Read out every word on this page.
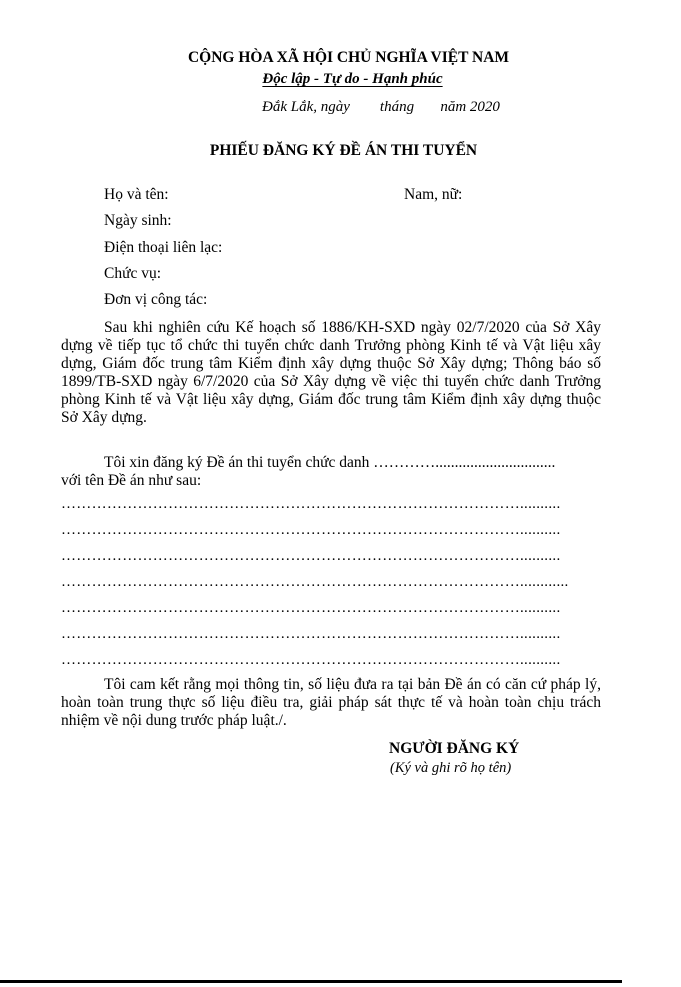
CỘNG HÒA XÃ HỘI CHỦ NGHĨA VIỆT NAM
Độc lập - Tự do - Hạnh phúc
Đắk Lắk, ngày        tháng       năm 2020
PHIẾU ĐĂNG KÝ ĐỀ ÁN THI TUYỂN
Họ và tên:	Nam, nữ:
Ngày sinh:
Điện thoại liên lạc:
Chức vụ:
Đơn vị công tác:
Sau khi nghiên cứu Kế hoạch số 1886/KH-SXD ngày 02/7/2020 của Sở Xây dựng về tiếp tục tổ chức thi tuyển chức danh Trưởng phòng Kinh tế và Vật liệu xây dựng, Giám đốc trung tâm Kiểm định xây dựng thuộc Sở Xây dựng; Thông báo số 1899/TB-SXD ngày 6/7/2020 của Sở Xây dựng về việc thi tuyển chức danh Trưởng phòng Kinh tế và Vật liệu xây dựng, Giám đốc trung tâm Kiểm định xây dựng thuộc Sở Xây dựng.
Tôi xin đăng ký Đề án thi tuyển chức danh …………...............................
với tên Đề án như sau:
………………………………………………………………………………..........
………………………………………………………………………………..........
………………………………………………………………………………..........
………………………………………………………………………………............
………………………………………………………………………………..........
………………………………………………………………………………..........
………………………………………………………………………………..........
Tôi cam kết rằng mọi thông tin, số liệu đưa ra tại bản Đề án có căn cứ pháp lý, hoàn toàn trung thực số liệu điều tra, giải pháp sát thực tế và hoàn toàn chịu trách nhiệm về nội dung trước pháp luật./.
NGƯỜI ĐĂNG KÝ
(Ký và ghi rõ họ tên)
